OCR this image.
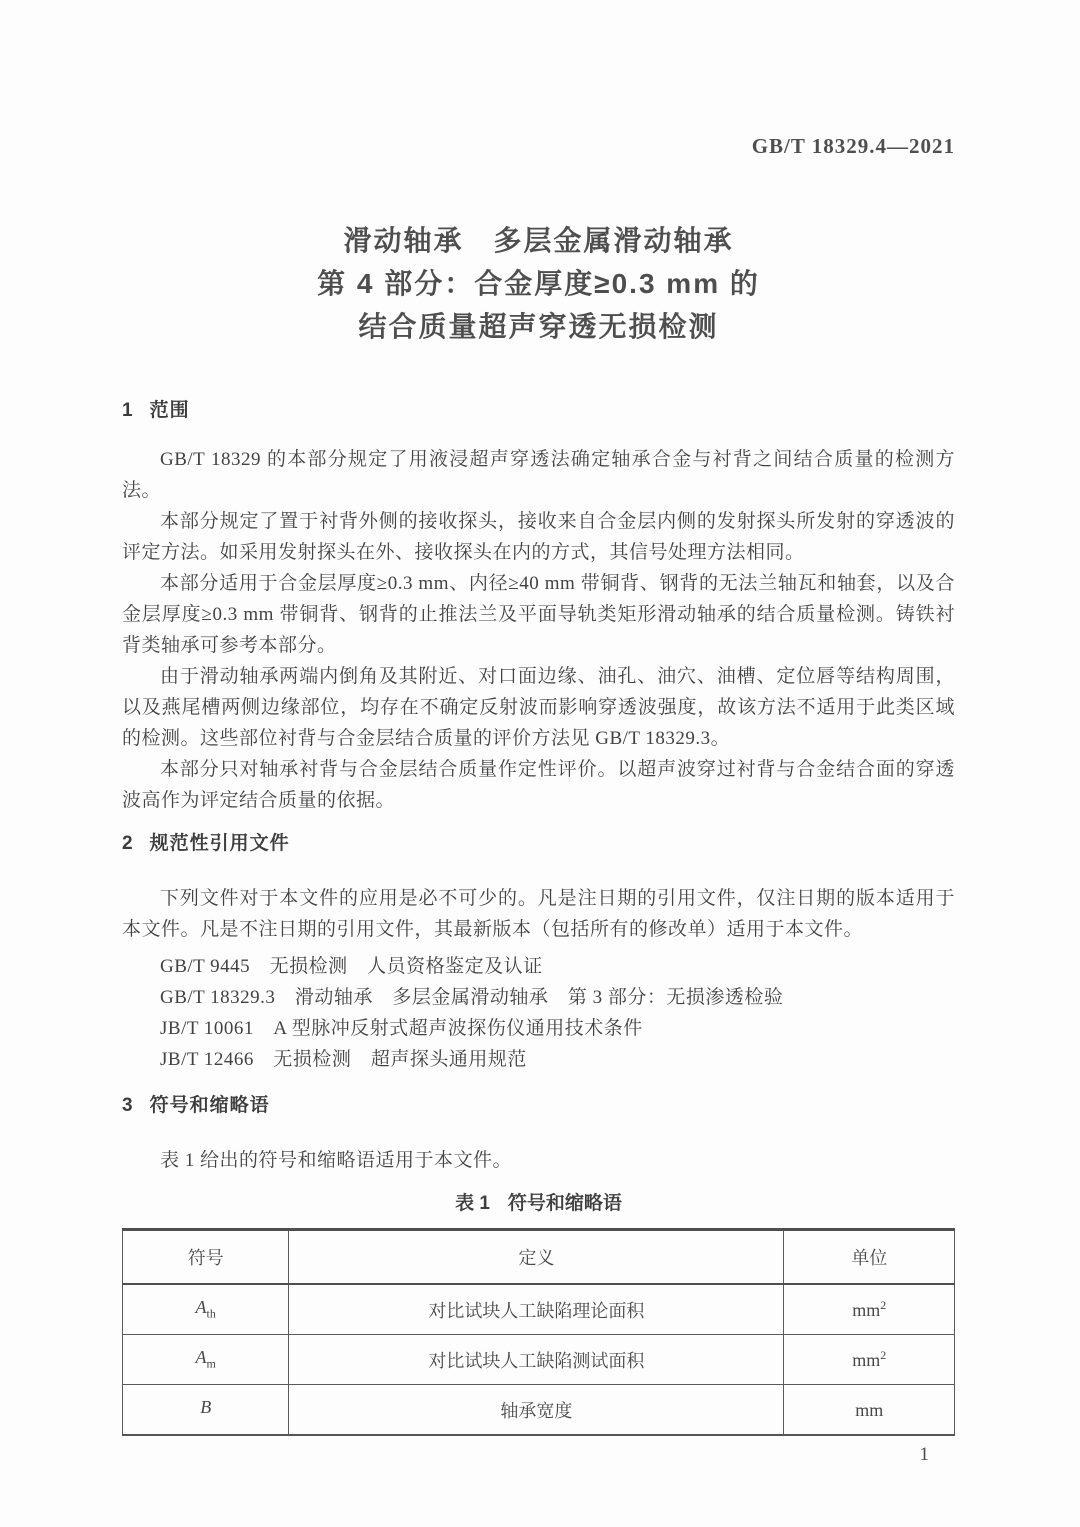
GB/T 18329.4—2021
滑动轴承　多层金属滑动轴承
第 4 部分：合金厚度≥0.3 mm 的
结合质量超声穿透无损检测
1 范围

GB/T 18329 的本部分规定了用液浸超声穿透法确定轴承合金与衬背之间结合质量的检测方法。

本部分规定了置于衬背外侧的接收探头，接收来自合金层内侧的发射探头所发射的穿透波的评定方法。如采用发射探头在外、接收探头在内的方式，其信号处理方法相同。

本部分适用于合金层厚度≥0.3 mm、内径≥40 mm 带铜背、钢背的无法兰轴瓦和轴套，以及合金层厚度≥0.3 mm 带铜背、钢背的止推法兰及平面导轨类矩形滑动轴承的结合质量检测。铸铁衬背类轴承可参考本部分。

由于滑动轴承两端内倒角及其附近、对口面边缘、油孔、油穴、油槽、定位唇等结构周围，以及燕尾槽两侧边缘部位，均存在不确定反射波而影响穿透波强度，故该方法不适用于此类区域的检测。这些部位衬背与合金层结合质量的评价方法见 GB/T 18329.3。

本部分只对轴承衬背与合金层结合质量作定性评价。以超声波穿过衬背与合金结合面的穿透波高作为评定结合质量的依据。

2 规范性引用文件

下列文件对于本文件的应用是必不可少的。凡是注日期的引用文件，仅注日期的版本适用于本文件。凡是不注日期的引用文件，其最新版本（包括所有的修改单）适用于本文件。

GB/T 9445　无损检测　人员资格鉴定及认证

GB/T 18329.3　滑动轴承　多层金属滑动轴承　第 3 部分：无损渗透检验

JB/T 10061　A 型脉冲反射式超声波探伤仪通用技术条件

JB/T 12466　无损检测　超声探头通用规范

3 符号和缩略语

表 1 给出的符号和缩略语适用于本文件。

表 1 符号和缩略语
符号	定义	单位
$A_{th}$	对比试块人工缺陷理论面积	$mm^2$
$A_m$	对比试块人工缺陷测试面积	$mm^2$
B	轴承宽度	mm
1
